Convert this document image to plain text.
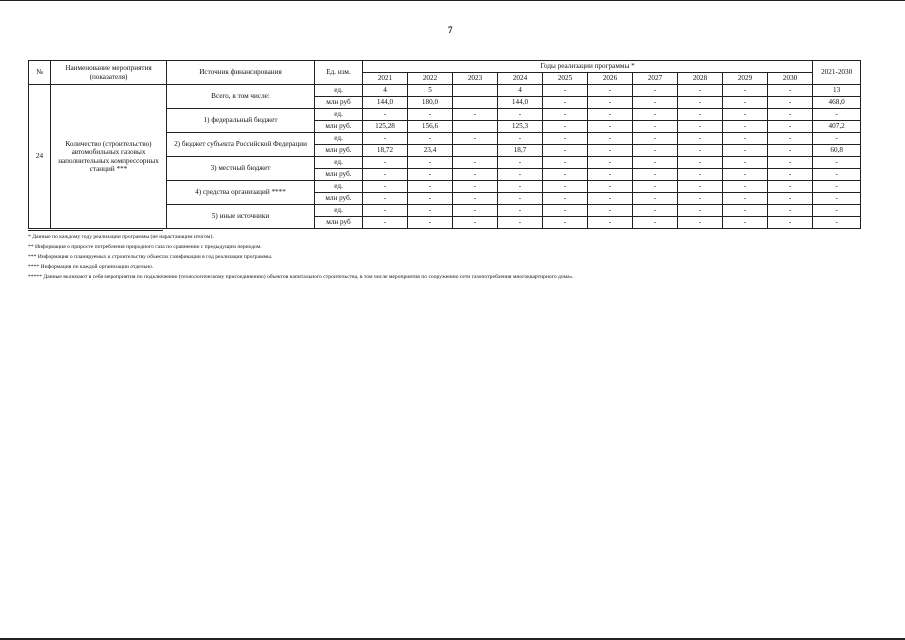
7
№	Наименование мероприятия (показателя)	Источник финансирования	Ед. изм.	Годы реализации программы *										2021-2030
				2021	2022	2023	2024	2025	2026	2027	2028	2029	2030	
24	Количество (строительство) автомобильных газовых наполнительных компрессорных станций ***	Всего, в том числе:	ед.	4	5		4	-	-	-	-	-	-	13
			млн руб	144,0	180,0		144,0	-	-	-	-	-	-	468,0
		1) федеральный бюджет	ед.	-	-	-	-	-	-	-	-	-	-	-
			млн руб.	125,28	156,6		125,3	-	-	-	-	-	-	407,2
		2) бюджет субъекта Российской Федерации	ед.	-	-	-	-	-	-	-	-	-	-	-
			млн руб.	18,72	23,4		18,7	-	-	-	-	-	-	60,8
		3) местный бюджет	ед.	-	-	-	-	-	-	-	-	-	-	-
			млн руб.	-	-	-	-	-	-	-	-	-	-	-
		4) средства организаций ****	ед.	-	-	-	-	-	-	-	-	-	-	-
			млн руб.	-	-	-	-	-	-	-	-	-	-	-
		5) иные источники	ед.	-	-	-	-	-	-	-	-	-	-	-
			млн руб	-	-	-	-	-	-	-	-	-	-	-
* Данные по каждому году реализации программы (не нарастающим итогом).
** Информация о приросте потребления природного газа по сравнению с предыдущим периодом.
*** Информация о планируемых к строительству объектах газификации в год реализации программы.
**** Информация по каждой организации отдельно.
***** Данные включают в себя мероприятия по подключению (технологическому присоединению) объектов капитального строительства, в том числе мероприятия по сооружению сети газопотребления многоквартирного дома».
